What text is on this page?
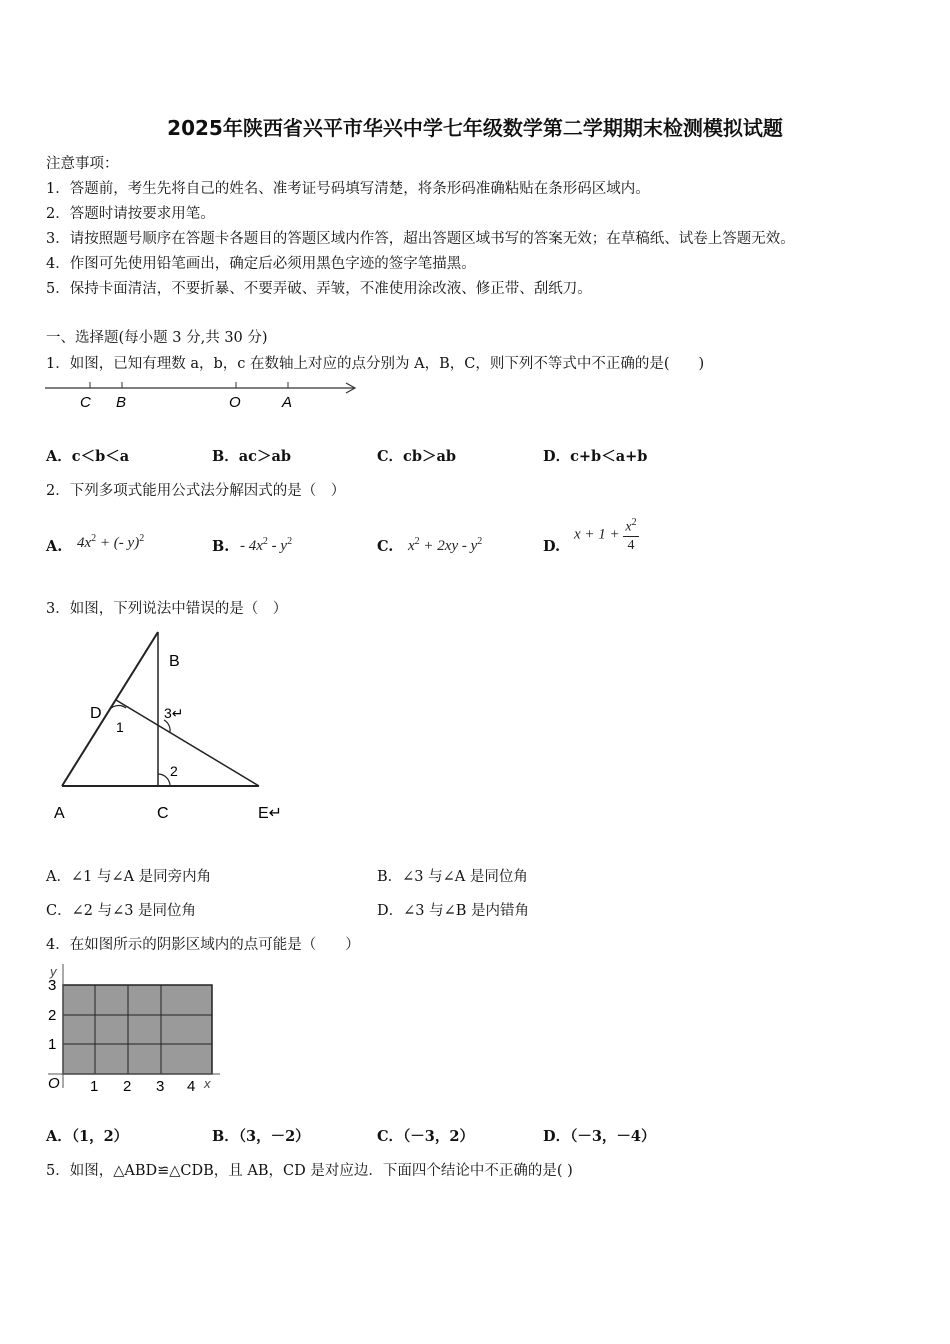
2025年陕西省兴平市华兴中学七年级数学第二学期期末检测模拟试题
注意事项：
1．答题前，考生先将自己的姓名、准考证号码填写清楚，将条形码准确粘贴在条形码区域内。
2．答题时请按要求用笔。
3．请按照题号顺序在答题卡各题目的答题区域内作答，超出答题区域书写的答案无效；在草稿纸、试卷上答题无效。
4．作图可先使用铅笔画出，确定后必须用黑色字迹的签字笔描黑。
5．保持卡面清洁，不要折暴、不要弄破、弄皱，不准使用涂改液、修正带、刮纸刀。
一、选择题(每小题 3 分,共 30 分)
1．如图，已知有理数 a，b，c 在数轴上对应的点分别为 A，B，C，则下列不等式中不正确的是(　　)
C B	O	A
A．c＜b＜a	B．ac＞ab	C．cb＞ab	D．c+b＜a+b
2．下列多项式能用公式法分解因式的是（　）
A. $4x^2$ + (- y)$^2$	B. - $4x^2 - y^2$	C. $x^2 + 2xy - y^2$	D.
$x + 1 + \frac{x^2}{4}$
3．如图，下列说法中错误的是（　）
B
D
1
3↵
2
A	C	E↵
A．∠1 与∠A 是同旁内角	B．∠3 与∠A 是同位角
C．∠2 与∠3 是同位角	D．∠3 与∠B 是内错角
4．在如图所示的阴影区域内的点可能是（　　）
y
x
3
2
1
O 1 2 3 4
A．（1，2）	B．（3，－2）	C．（－3，2）	D．（－3，－4）
5．如图，△ABD≌△CDB，且 AB，CD 是对应边．下面四个结论中不正确的是( )
